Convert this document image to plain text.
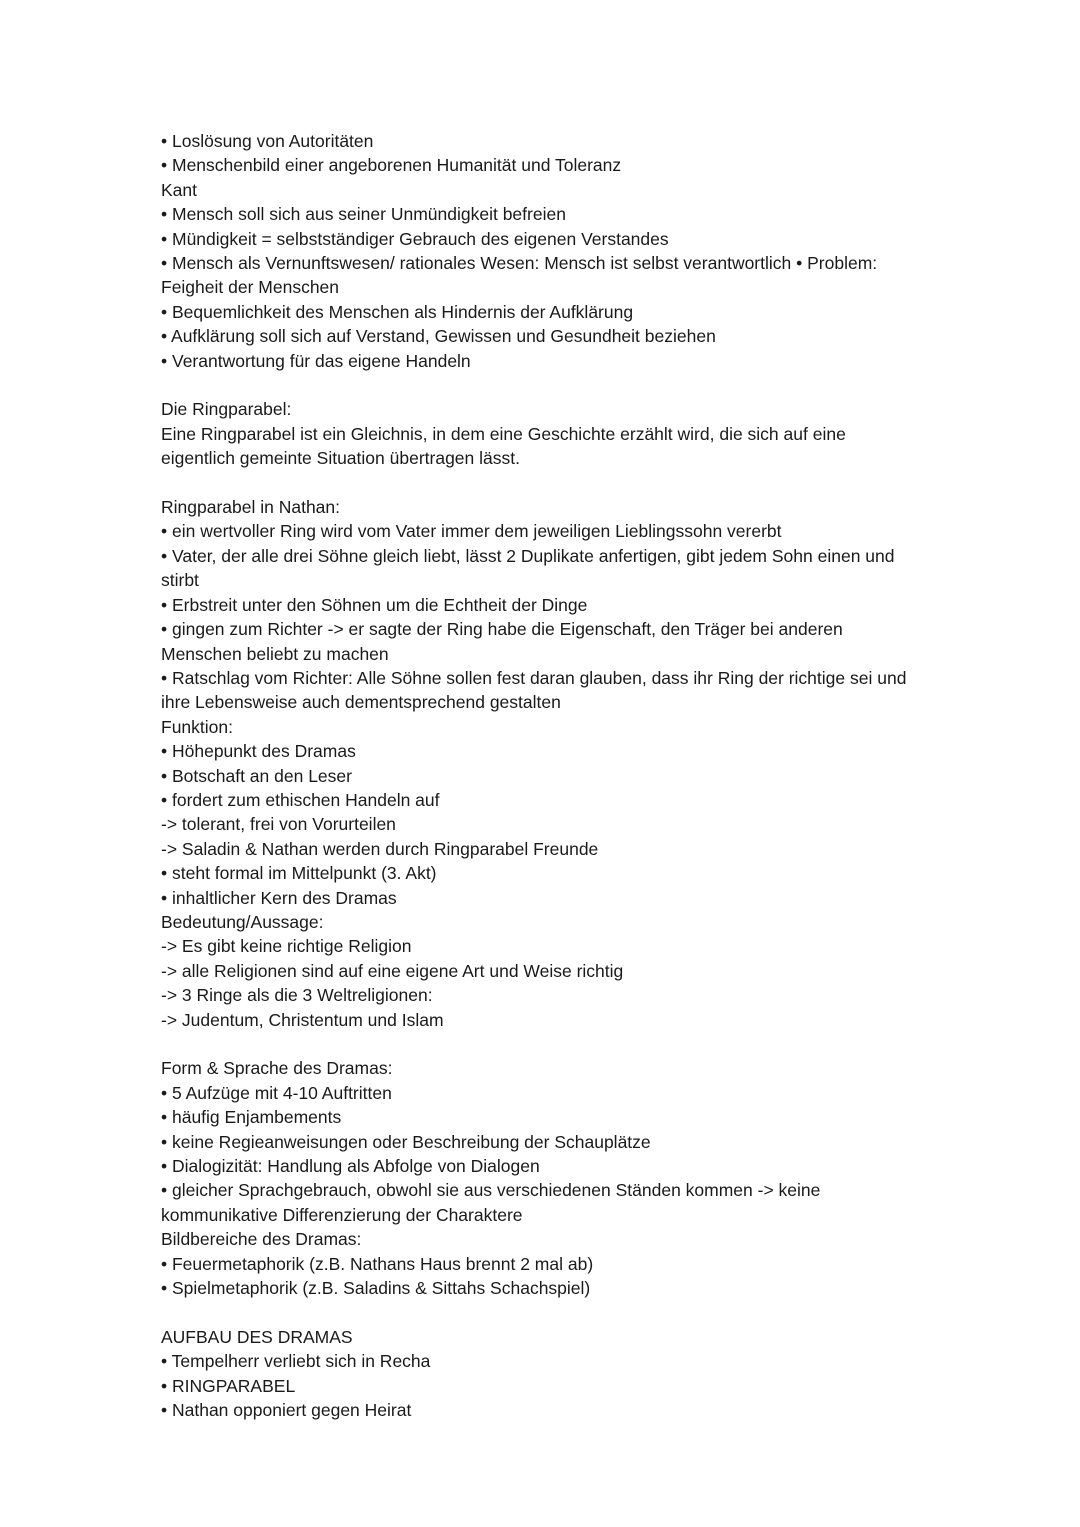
• Loslösung von Autoritäten

• Menschenbild einer angeborenen Humanität und Toleranz

Kant

• Mensch soll sich aus seiner Unmündigkeit befreien

• Mündigkeit = selbstständiger Gebrauch des eigenen Verstandes

• Mensch als Vernunftswesen/ rationales Wesen: Mensch ist selbst verantwortlich • Problem:

Feigheit der Menschen

• Bequemlichkeit des Menschen als Hindernis der Aufklärung

• Aufklärung soll sich auf Verstand, Gewissen und Gesundheit beziehen

• Verantwortung für das eigene Handeln

Die Ringparabel:

Eine Ringparabel ist ein Gleichnis, in dem eine Geschichte erzählt wird, die sich auf eine

eigentlich gemeinte Situation übertragen lässt.

Ringparabel in Nathan:

• ein wertvoller Ring wird vom Vater immer dem jeweiligen Lieblingssohn vererbt

• Vater, der alle drei Söhne gleich liebt, lässt 2 Duplikate anfertigen, gibt jedem Sohn einen und

stirbt

• Erbstreit unter den Söhnen um die Echtheit der Dinge

• gingen zum Richter -> er sagte der Ring habe die Eigenschaft, den Träger bei anderen

Menschen beliebt zu machen

• Ratschlag vom Richter: Alle Söhne sollen fest daran glauben, dass ihr Ring der richtige sei und

ihre Lebensweise auch dementsprechend gestalten

Funktion:

• Höhepunkt des Dramas

• Botschaft an den Leser

• fordert zum ethischen Handeln auf

-> tolerant, frei von Vorurteilen

-> Saladin & Nathan werden durch Ringparabel Freunde

• steht formal im Mittelpunkt (3. Akt)

• inhaltlicher Kern des Dramas

Bedeutung/Aussage:

-> Es gibt keine richtige Religion

-> alle Religionen sind auf eine eigene Art und Weise richtig

-> 3 Ringe als die 3 Weltreligionen:

-> Judentum, Christentum und Islam

Form & Sprache des Dramas:

• 5 Aufzüge mit 4-10 Auftritten

• häufig Enjambements

• keine Regieanweisungen oder Beschreibung der Schauplätze

• Dialogizität: Handlung als Abfolge von Dialogen

• gleicher Sprachgebrauch, obwohl sie aus verschiedenen Ständen kommen -> keine

kommunikative Differenzierung der Charaktere

Bildbereiche des Dramas:

• Feuermetaphorik (z.B. Nathans Haus brennt 2 mal ab)

• Spielmetaphorik (z.B. Saladins & Sittahs Schachspiel)

AUFBAU DES DRAMAS

• Tempelherr verliebt sich in Recha

• RINGPARABEL

• Nathan opponiert gegen Heirat
